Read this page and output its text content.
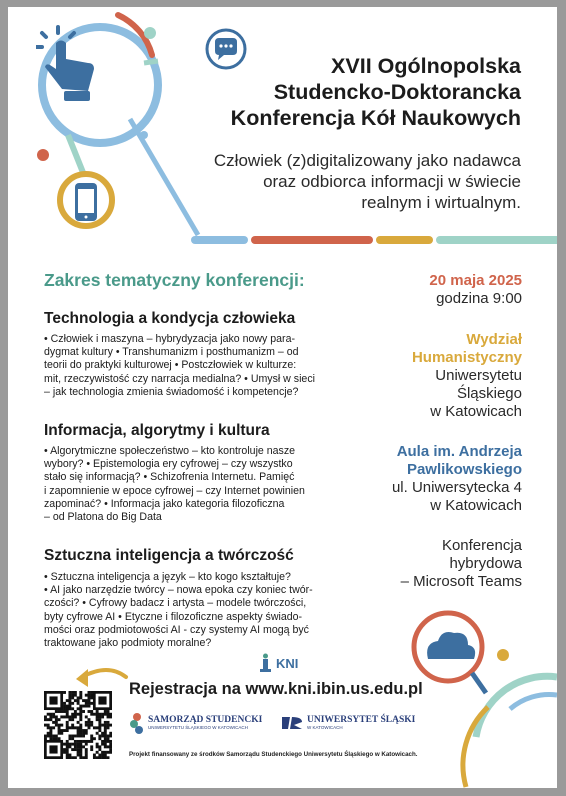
XVII Ogólnopolska
Studencko-Doktorancka
Konferencja Kół Naukowych
Człowiek (z)digitalizowany jako nadawca
oraz odbiorca informacji w świecie
realnym i wirtualnym.
Zakres tematyczny konferencji:
Technologia a kondycja człowieka
• Człowiek i maszyna – hybrydyzacja jako nowy para-
dygmat kultury • Transhumanizm i posthumanizm – od
teorii do praktyki kulturowej • Postczłowiek w kulturze:
mit, rzeczywistość czy narracja medialna? • Umysł w sieci
– jak technologia zmienia świadomość i kompetencje?
Informacja, algorytmy i kultura
• Algorytmiczne społeczeństwo – kto kontroluje nasze
wybory? • Epistemologia ery cyfrowej – czy wszystko
stało się informacją? • Schizofrenia Internetu. Pamięć
i zapomnienie w epoce cyfrowej – czy Internet powinien
zapominać? • Informacja jako kategoria filozoficzna
– od Platona do Big Data
Sztuczna inteligencja a twórczość
• Sztuczna inteligencja a język – kto kogo kształtuje?
• AI jako narzędzie twórcy – nowa epoka czy koniec twór-
czości? • Cyfrowy badacz i artysta – modele twórczości,
byty cyfrowe AI • Etyczne i filozoficzne aspekty świado-
mości oraz podmiotowości AI - czy systemy AI mogą być
traktowane jako podmioty moralne?
20 maja 2025
godzina 9:00
Wydział
Humanistyczny
Uniwersytetu
Śląskiego
w Katowicach
Aula im. Andrzeja
Pawlikowskiego
ul. Uniwersytecka 4
w Katowicach
Konferencja
hybrydowa
– Microsoft Teams
KNI
Rejestracja na www.kni.ibin.us.edu.pl
SAMORZĄD STUDENCKI
UNIWERSYTETU ŚLĄSKIEGO W KATOWICACH
UNIWERSYTET ŚLĄSKI
W KATOWICACH
Projekt finansowany ze środków Samorządu Studenckiego Uniwersytetu Śląskiego w Katowicach.
